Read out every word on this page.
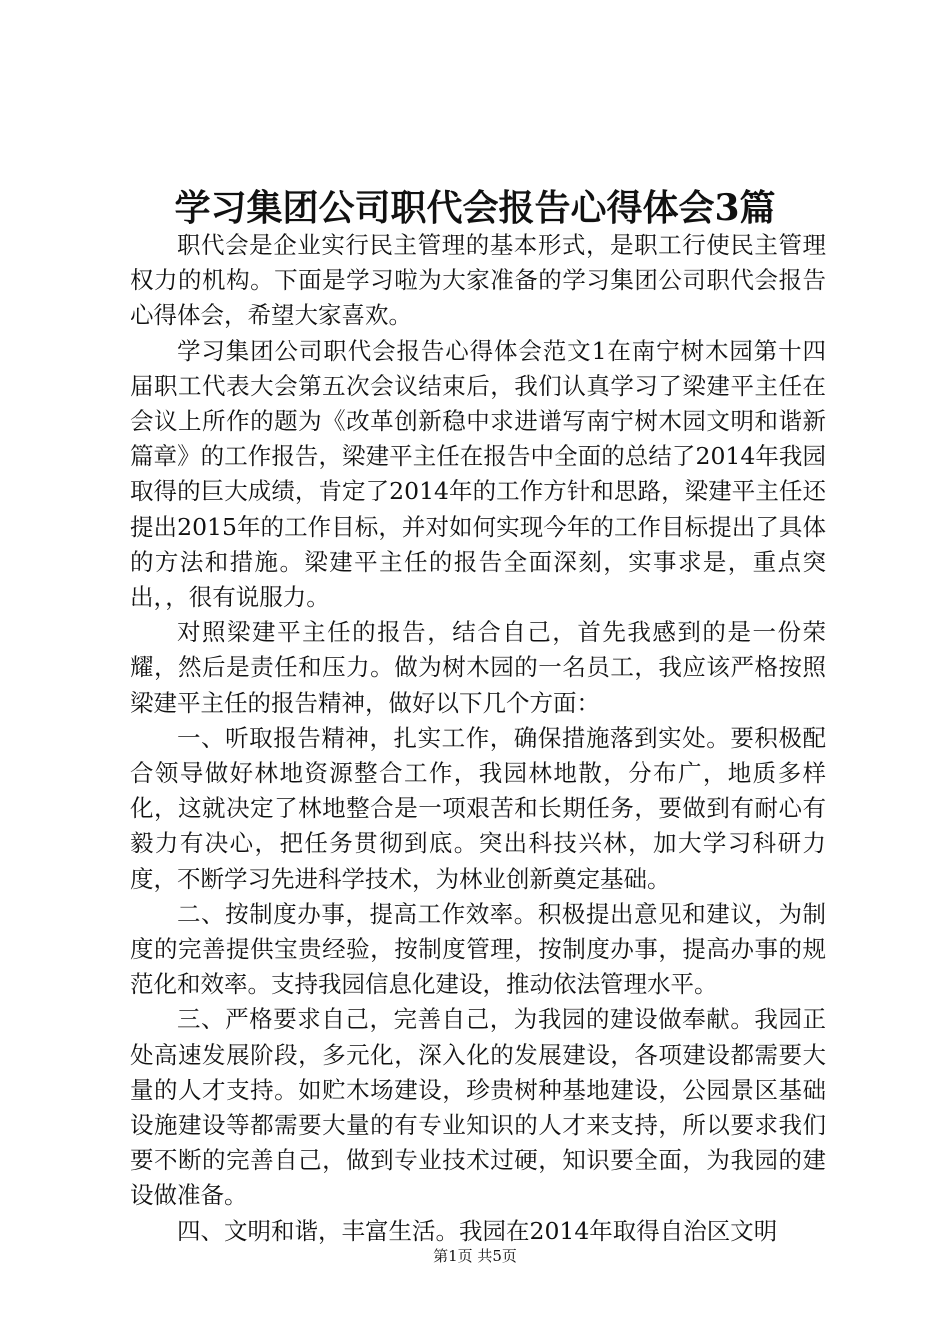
学习集团公司职代会报告心得体会3篇

职代会是企业实行民主管理的基本形式，是职工行使民主管理权力的机构。下面是学习啦为大家准备的学习集团公司职代会报告心得体会，希望大家喜欢。

学习集团公司职代会报告心得体会范文1在南宁树木园第十四届职工代表大会第五次会议结束后，我们认真学习了梁建平主任在会议上所作的题为《改革创新稳中求进谱写南宁树木园文明和谐新篇章》的工作报告，梁建平主任在报告中全面的总结了2014年我园取得的巨大成绩，肯定了2014年的工作方针和思路，梁建平主任还提出2015年的工作目标，并对如何实现今年的工作目标提出了具体的方法和措施。梁建平主任的报告全面深刻，实事求是，重点突出，，很有说服力。

对照梁建平主任的报告，结合自己，首先我感到的是一份荣耀，然后是责任和压力。做为树木园的一名员工，我应该严格按照梁建平主任的报告精神，做好以下几个方面：

一、听取报告精神，扎实工作，确保措施落到实处。要积极配合领导做好林地资源整合工作，我园林地散，分布广，地质多样化，这就决定了林地整合是一项艰苦和长期任务，要做到有耐心有毅力有决心，把任务贯彻到底。突出科技兴林，加大学习科研力度，不断学习先进科学技术，为林业创新奠定基础。

二、按制度办事，提高工作效率。积极提出意见和建议，为制度的完善提供宝贵经验，按制度管理，按制度办事，提高办事的规范化和效率。支持我园信息化建设，推动依法管理水平。

三、严格要求自己，完善自己，为我园的建设做奉献。我园正处高速发展阶段，多元化，深入化的发展建设，各项建设都需要大量的人才支持。如贮木场建设，珍贵树种基地建设，公园景区基础设施建设等都需要大量的有专业知识的人才来支持，所以要求我们要不断的完善自己，做到专业技术过硬，知识要全面，为我园的建设做准备。

四、文明和谐，丰富生活。我园在2014年取得自治区文明

第1页 共5页
